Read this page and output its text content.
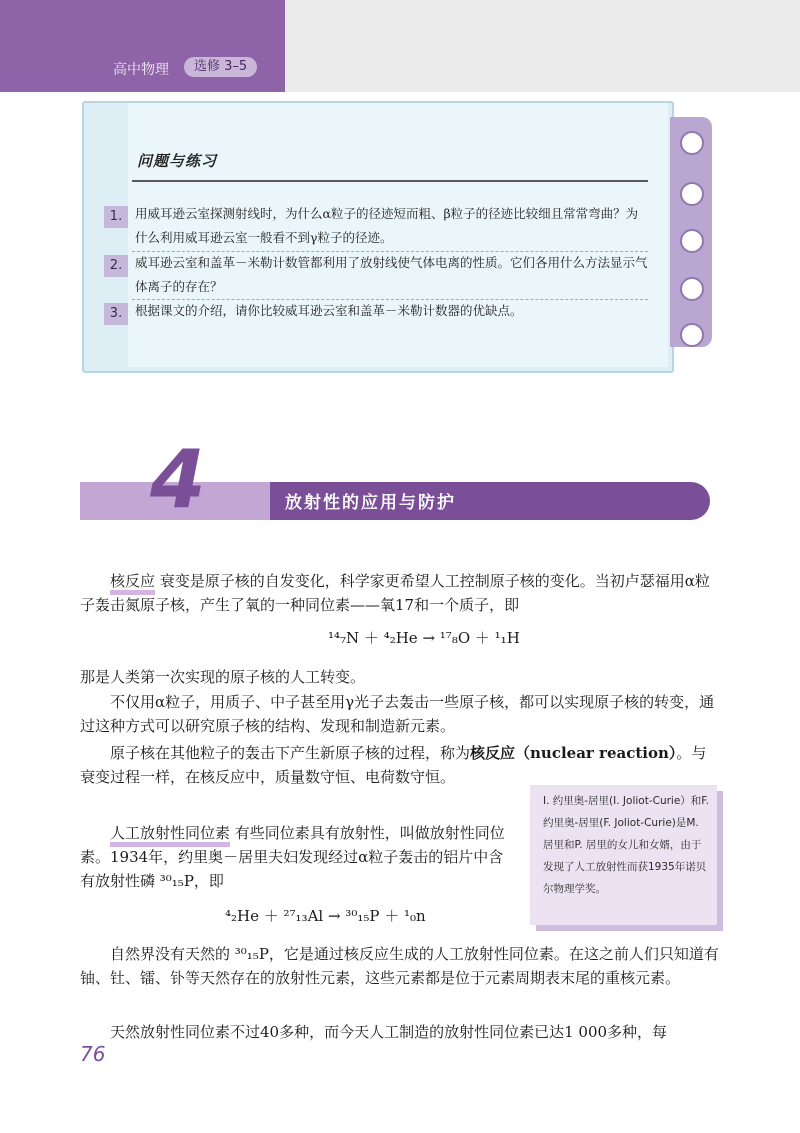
高中物理	选修 3–5
问题与练习
1.	用威耳逊云室探测射线时，为什么α粒子的径迹短而粗、β粒子的径迹比较细且常常弯曲？为什么利用威耳逊云室一般看不到γ粒子的径迹。
2.	威耳逊云室和盖革－米勒计数管都利用了放射线使气体电离的性质。它们各用什么方法显示气体离子的存在？
3.	根据课文的介绍，请你比较威耳逊云室和盖革－米勒计数器的优缺点。
4	放射性的应用与防护
核反应 衰变是原子核的自发变化，科学家更希望人工控制原子核的变化。当初卢瑟福用α粒子轰击氮原子核，产生了氧的一种同位素——氧17和一个质子，即
¹⁴₇N ＋ ⁴₂He → ¹⁷₈O ＋ ¹₁H
那是人类第一次实现的原子核的人工转变。
不仅用α粒子，用质子、中子甚至用γ光子去轰击一些原子核，都可以实现原子核的转变，通过这种方式可以研究原子核的结构、发现和制造新元素。
原子核在其他粒子的轰击下产生新原子核的过程，称为核反应（nuclear reaction）。与衰变过程一样，在核反应中，质量数守恒、电荷数守恒。
人工放射性同位素 有些同位素具有放射性，叫做放射性同位素。1934年，约里奥－居里夫妇发现经过α粒子轰击的铝片中含有放射性磷 ³⁰₁₅P，即
⁴₂He ＋ ²⁷₁₃Al → ³⁰₁₅P ＋ ¹₀n
I. 约里奥-居里(I. Joliot-Curie）和F. 约里奥-居里(F. Joliot-Curie)是M. 居里和P. 居里的女儿和女婿，由于发现了人工放射性而获1935年诺贝尔物理学奖。
自然界没有天然的 ³⁰₁₅P，它是通过核反应生成的人工放射性同位素。在这之前人们只知道有铀、钍、镭、钋等天然存在的放射性元素，这些元素都是位于元素周期表末尾的重核元素。
天然放射性同位素不过40多种，而今天人工制造的放射性同位素已达1 000多种，每
76
